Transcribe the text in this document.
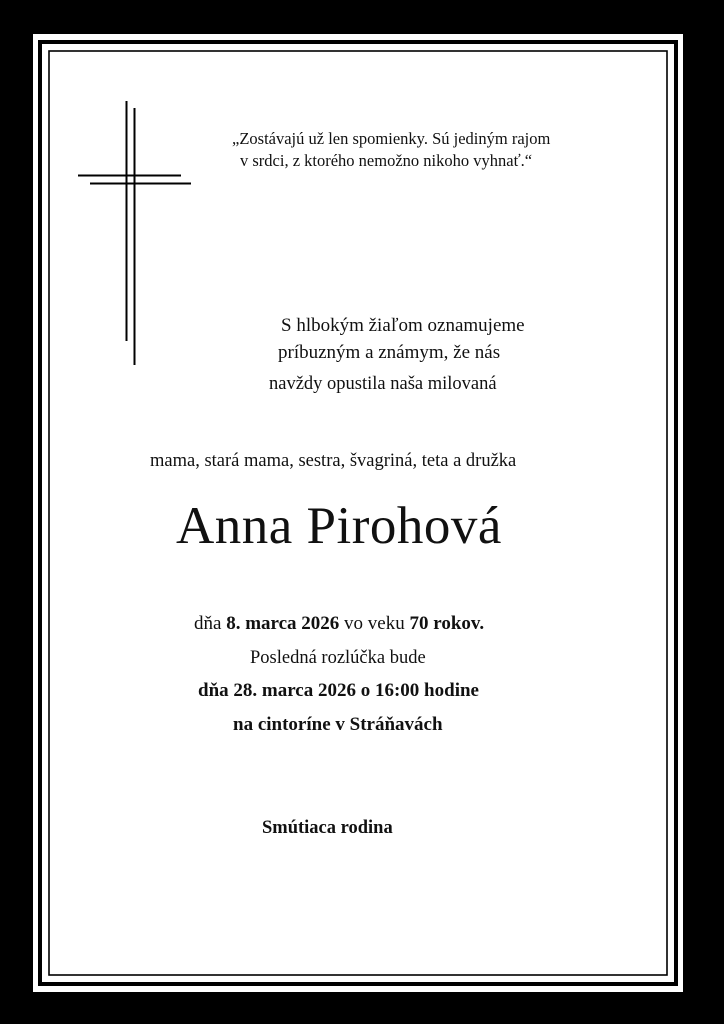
„Zostávajú už len spomienky. Sú jediným rajom
v srdci, z ktorého nemožno nikoho vyhnať.“
S hlbokým žiaľom oznamujeme
príbuzným a známym, že nás
navždy opustila naša milovaná
mama, stará mama, sestra, švagriná, teta a družka
Anna Pirohová
dňa 8. marca 2026 vo veku 70 rokov.
Posledná rozlúčka bude
dňa 28. marca 2026 o 16:00 hodine
na cintoríne v Stráňavách
Smútiaca rodina
